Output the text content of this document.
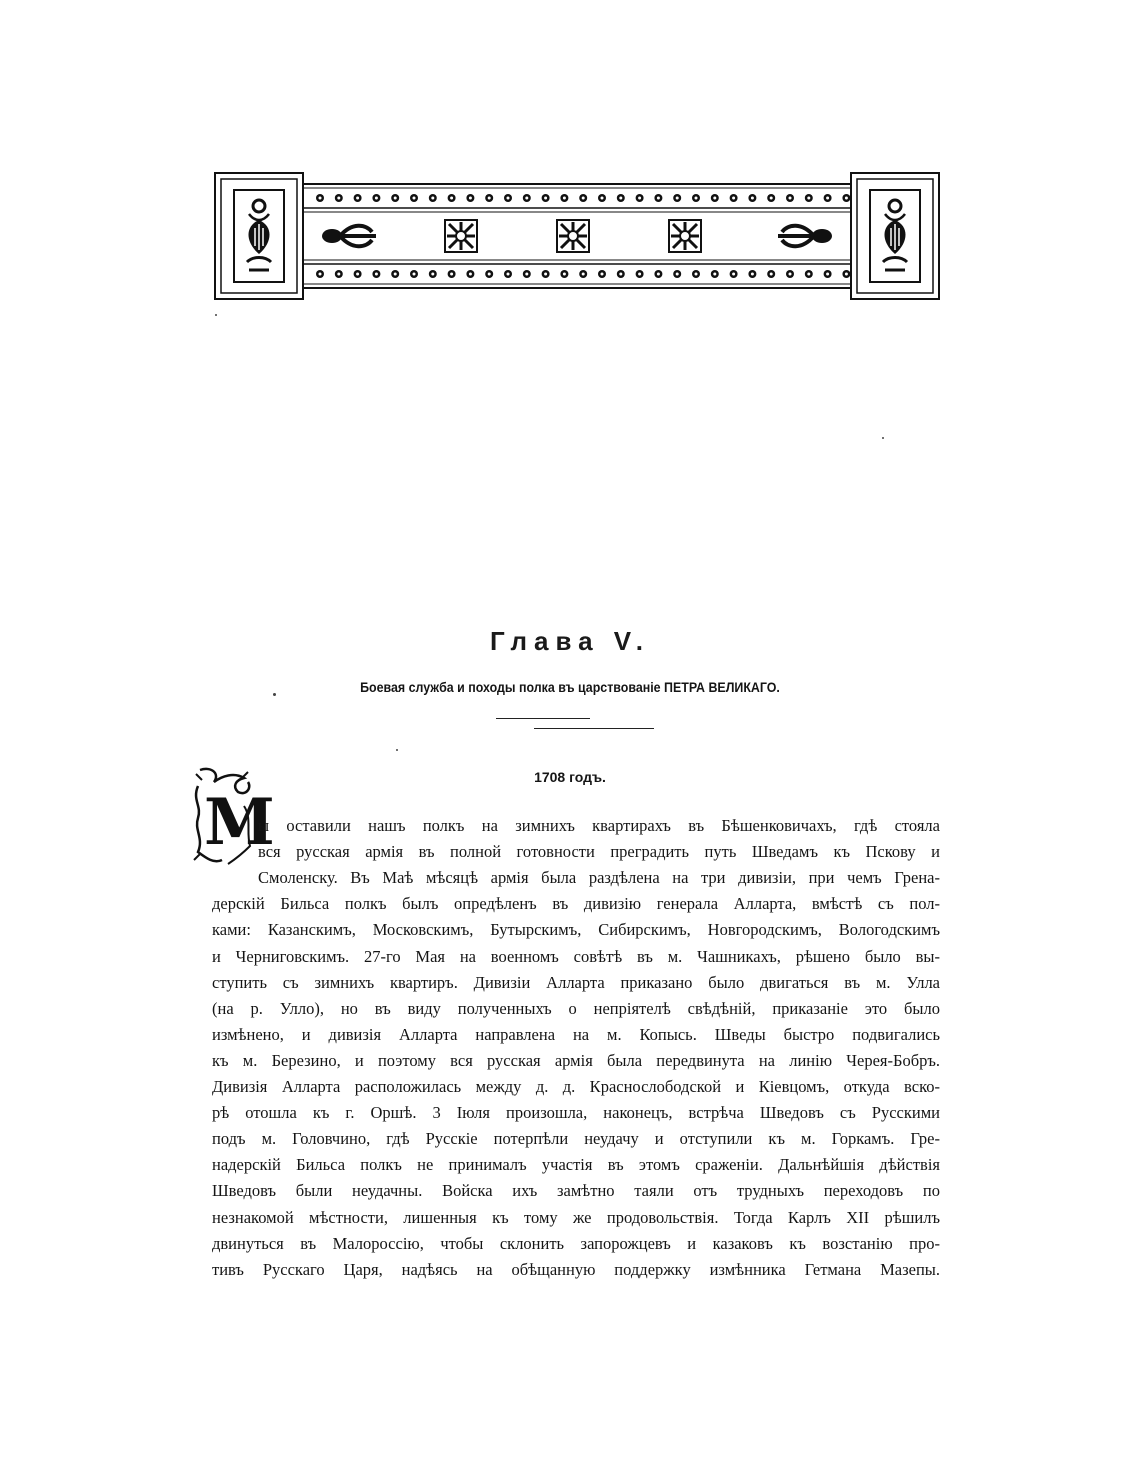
Глава V.
Боевая служба и походы полка въ царствованіе ПЕТРА ВЕЛИКАГО.
1708 годъ.
М
ы оставили нашъ полкъ на зимнихъ квартирахъ въ Бѣшенковичахъ, гдѣ стояла
вся русская армія въ полной готовности преградить путь Шведамъ къ Пскову и
Смоленску. Въ Маѣ мѣсяцѣ армія была раздѣлена на три дивизіи, при чемъ Грена-
дерскій Бильса полкъ былъ опредѣленъ въ дивизію генерала Алларта, вмѣстѣ съ пол-
ками: Казанскимъ, Московскимъ, Бутырскимъ, Сибирскимъ, Новгородскимъ, Вологодскимъ
и Черниговскимъ. 27-го Мая на военномъ совѣтѣ въ м. Чашникахъ, рѣшено было вы-
ступить съ зимнихъ квартиръ. Дивизіи Алларта приказано было двигаться въ м. Улла
(на р. Улло), но въ виду полученныхъ о непріятелѣ свѣдѣній, приказаніе это было
измѣнено, и дивизія Алларта направлена на м. Копысь. Шведы быстро подвигались
къ м. Березино, и поэтому вся русская армія была передвинута на линію Черея-Бобръ.
Дивизія Алларта расположилась между д. д. Краснослободской и Кіевцомъ, откуда вско-
рѣ отошла къ г. Оршѣ. 3 Іюля произошла, наконецъ, встрѣча Шведовъ съ Русскими
подъ м. Головчино, гдѣ Русскіе потерпѣли неудачу и отступили къ м. Горкамъ. Гре-
надерскій Бильса полкъ не принималъ участія въ этомъ сраженіи. Дальнѣйшія дѣйствія
Шведовъ были неудачны. Войска ихъ замѣтно таяли отъ трудныхъ переходовъ по
незнакомой мѣстности, лишенныя къ тому же продовольствія. Тогда Карлъ XII рѣшилъ
двинуться въ Малороссію, чтобы склонить запорожцевъ и казаковъ къ возстанію про-
тивъ Русскаго Царя, надѣясь на обѣщанную поддержку измѣнника Гетмана Мазепы.
